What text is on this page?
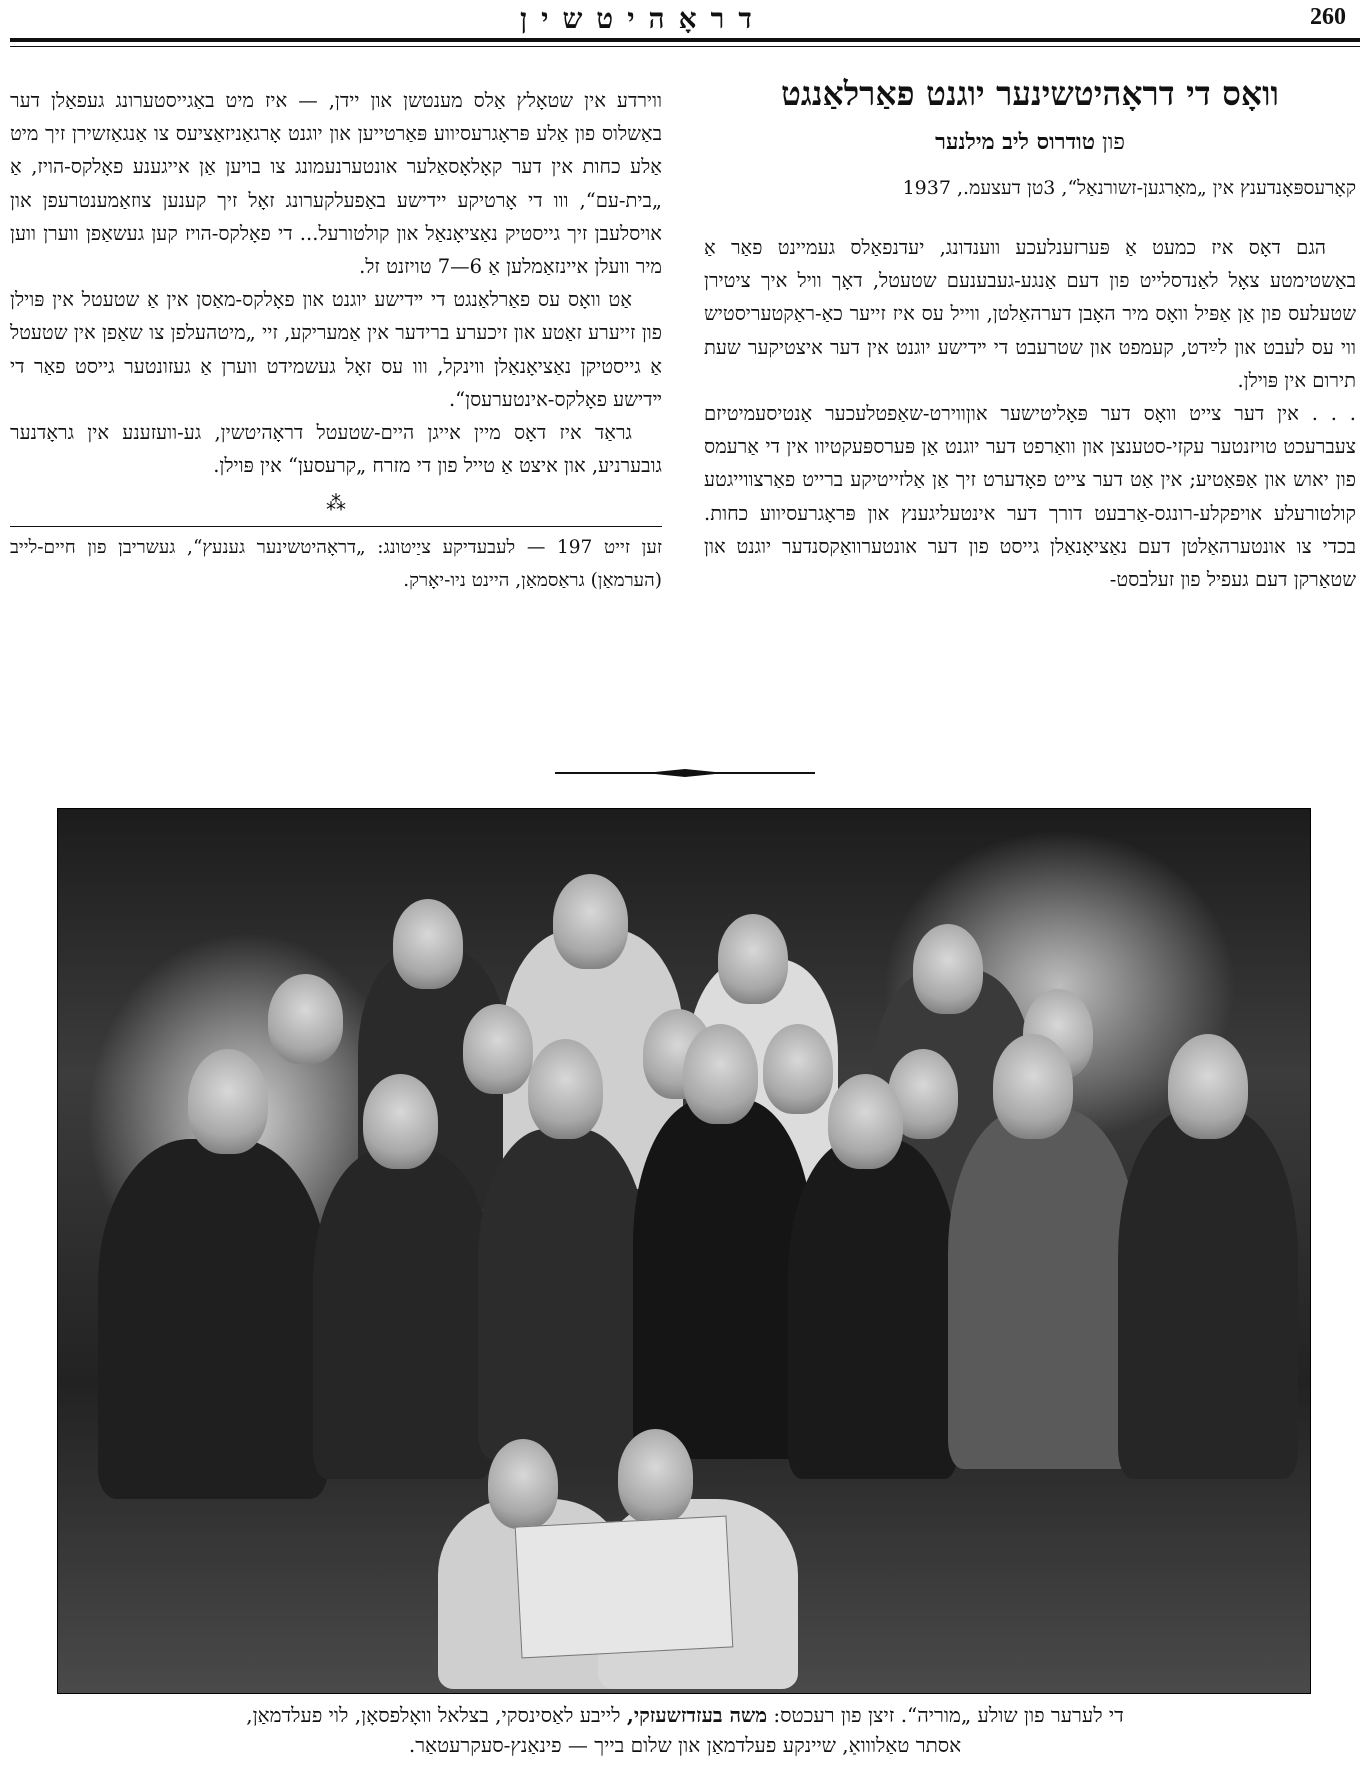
דראָהיטשין	260
וואָס די דראָהיטשינער יוגנט פאַרלאַנגט
פון טודרוס ליב מילנער
קאָרעספּאָנדענץ אין „מאָרגען-זשורנאַל“, 3טן דעצעמ., 1937

הגם דאָס איז כמעט אַ פּערזענלעכע ווענדונג, יעדנפאַלס געמיינט פאַר אַ באַשטימטע צאָל לאַנדסלייט פון דעם אַנגע-געבענעם שטעטל, דאָך וויל איך ציטירן שטעלעס פון אַן אַפּיל וואָס מיר האָבן דערהאַלטן, ווייל עס איז זייער כאַ-ראַקטעריסטיש ווי עס לעבט און לײַדט, קעמפט און שטרעבט די ײדישע יוגנט אין דער איצטיקער שעת תירום אין פּוילן.

. . . אין דער צייט וואָס דער פּאָליטישער אוןווירט-שאַפטלעכער אַנטיסעמיטיזם צעברעכט טויזנטער עקזי-סטענצן און וואַרפט דער יוגנט אַן פּערספּעקטיוו אין די אַרעמס פון יאוש און אַפּאַטיע; אין אַט דער צייט פאָדערט זיך אַן אַלזייטיקע ברייט פאַרצווייגטע קולטורעלע אויפקלע-רונגס-אַרבעט דורך דער אינטעליגענץ און פּראָגרעסיווע כחות. בכדי צו אונטערהאַלטן דעם נאַציאָנאַלן גייסט פון דער אונטערוואַקסנדער יוגנט און שטאַרקן דעם געפיל פון זעלבסט-

ווירדע אין שטאָלץ אַלס מענטשן און יידן, — איז מיט באַגייסטערונג געפאַלן דער באַשלוס פון אַלע פּראָגרעסיווע פּאַרטייען און יוגנט אָרגאַניזאַציעס צו אַנגאַזשירן זיך מיט אַלע כחות אין דער קאָלאָסאַלער אונטערנעמונג צו בויען אַן אייגענע פאָלקס-הויז, אַ „בית-עם“, ווו די אָרטיקע יידישע באַפעלקערונג זאָל זיך קענען צוזאַמענטרעפן און אויסלעבן זיך גייסטיק נאַציאָנאַל און קולטורעל... די פאָלקס-הויז קען געשאַפן ווערן ווען מיר וועלן איינזאַמלען אַ 6—7 טויזנט זל.

אַט וואָס עס פאַרלאַנגט די ײדישע יוגנט און פאָלקס-מאַסן אין אַ שטעטל אין פּוילן פון זייערע זאַטע און זיכערע ברידער אין אַמעריקע, זיי „מיטהעלפן צו שאַפן אין שטעטל אַ גייסטיקן נאַציאָנאַלן ווינקל, ווו עס זאָל געשמידט ווערן אַ געזונטער גייסט פאַר די ײדישע פאָלקס-אינטערעסן“.

גראַד איז דאָס מיין אייגן היים-שטעטל דראָהיטשין, גע-וועזענע אין גראָדנער גובערניע, און איצט אַ טייל פון די מזרח „קרעסען“ אין פּוילן.

⁂

זען זייט 197 — לעבעדיקע ציַיטונג: „דראָהיטשינער גענעץ“, געשריבן פון חיים-לייב (הערמאַן) גראַסמאַן, היינט ניו-יאָרק.

די לערער פון שולע „מוריה“. זיצן פון רעכטס: משה בעזדזשעזקי, לייבע לאַסינסקי, בצלאל וואָלפסאָן, לוי פעלדמאַן,
אסתר טאַלווואַ, שיינקע פעלדמאַן און שלום בייך — פינאַנץ-סעקרעטאַר.
